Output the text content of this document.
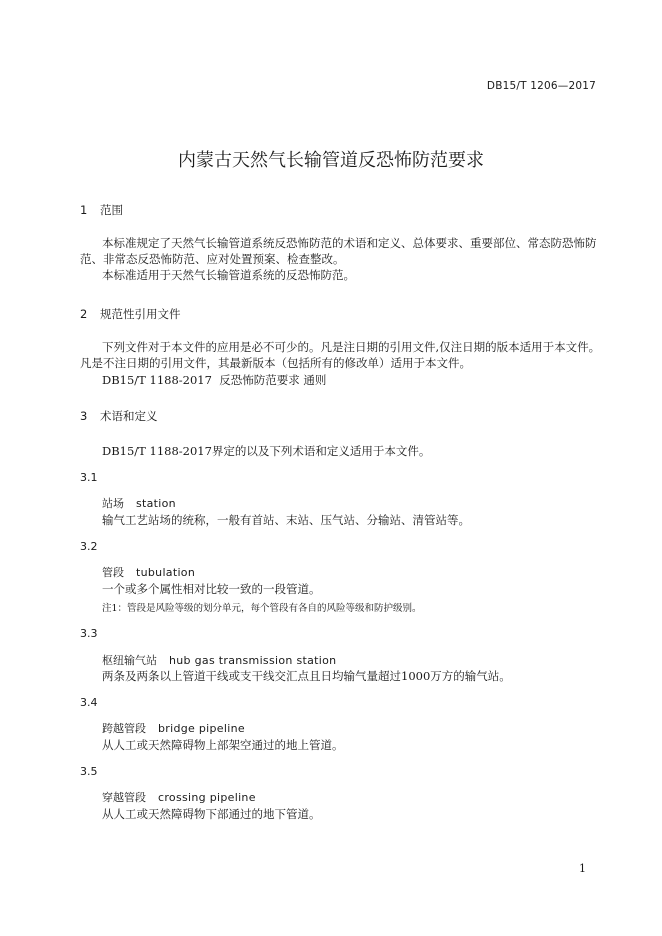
DB15/T 1206—2017
内蒙古天然气长输管道反恐怖防范要求
1 范围
本标准规定了天然气长输管道系统反恐怖防范的术语和定义、总体要求、重要部位、常态防恐怖防
范、非常态反恐怖防范、应对处置预案、检查整改。
本标准适用于天然气长输管道系统的反恐怖防范。
2 规范性引用文件
下列文件对于本文件的应用是必不可少的。凡是注日期的引用文件,仅注日期的版本适用于本文件。
凡是不注日期的引用文件，其最新版本（包括所有的修改单）适用于本文件。
DB15/T 1188-2017  反恐怖防范要求 通则
3 术语和定义
DB15/T 1188-2017界定的以及下列术语和定义适用于本文件。
3.1
站场 station
输气工艺站场的统称，一般有首站、末站、压气站、分输站、清管站等。
3.2
管段 tubulation
一个或多个属性相对比较一致的一段管道。
注1：管段是风险等级的划分单元，每个管段有各自的风险等级和防护级别。
3.3
枢纽输气站 hub gas transmission station
两条及两条以上管道干线或支干线交汇点且日均输气量超过1000万方的输气站。
3.4
跨越管段 bridge pipeline
从人工或天然障碍物上部架空通过的地上管道。
3.5
穿越管段 crossing pipeline
从人工或天然障碍物下部通过的地下管道。
1
